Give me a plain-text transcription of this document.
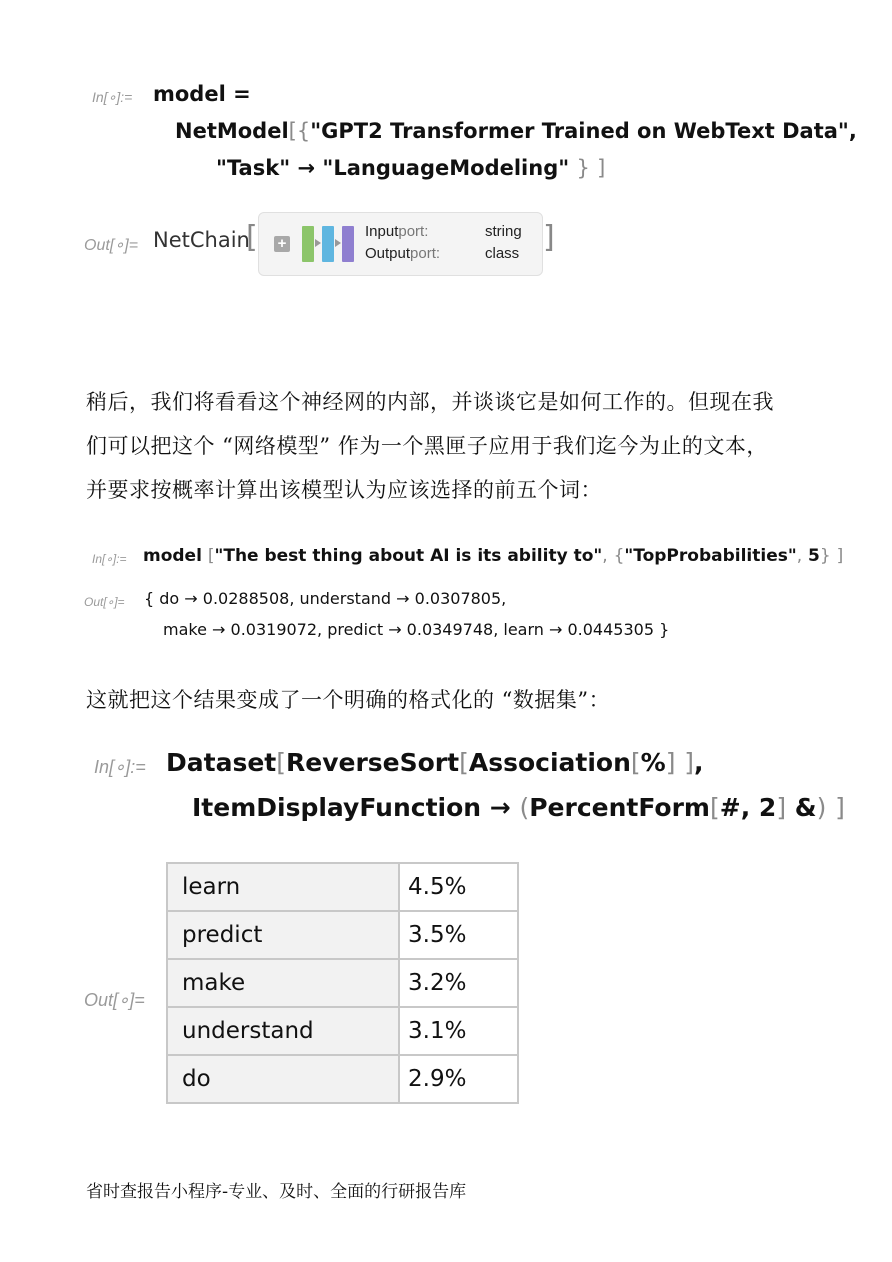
In[∘]:= model =
NetModel[{"GPT2 Transformer Trained on WebText Data",
"Task" → "LanguageModeling" } ]
Out[∘]= NetChain
[ +
Inputport:	string
Outputport:	class ]
稍后，我们将看看这个神经网的内部，并谈谈它是如何工作的。但现在我
们可以把这个 “网络模型” 作为一个黑匣子应用于我们迄今为止的文本，
并要求按概率计算出该模型认为应该选择的前五个词：
In[∘]:= model ["The best thing about AI is its ability to", {"TopProbabilities", 5} ]
Out[∘]= { do → 0.0288508, understand → 0.0307805,
make → 0.0319072, predict → 0.0349748, learn → 0.0445305 }
这就把这个结果变成了一个明确的格式化的 “数据集”：
In[∘]:= Dataset[ReverseSort[Association[%] ],
ItemDisplayFunction → (PercentForm[#, 2] &) ]
Out[∘]=
learn	4.5%
predict	3.5%
make	3.2%
understand	3.1%
do	2.9%
省时查报告小程序-专业、及时、全面的行研报告库
